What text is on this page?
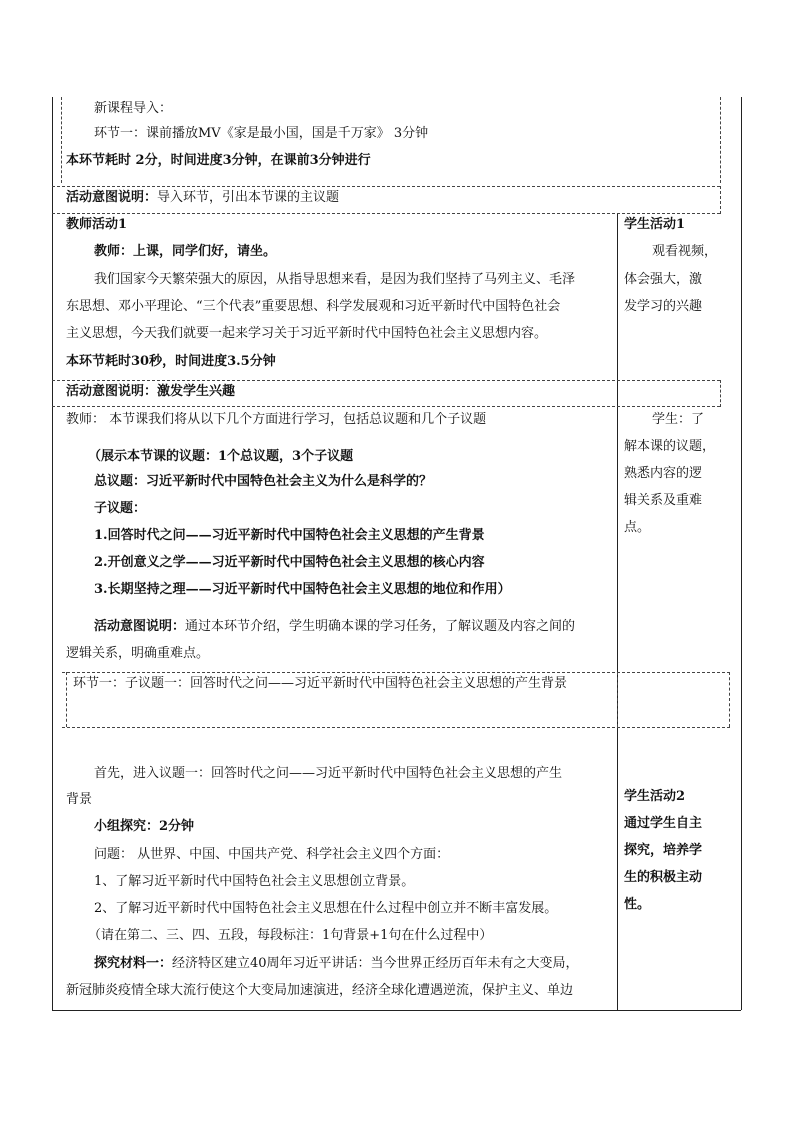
新课程导入：
环节一：课前播放MV《家是最小国，国是千万家》 3分钟
本环节耗时 2分，时间进度3分钟，在课前3分钟进行
活动意图说明：导入环节，引出本节课的主议题
教师活动1
教师：上课，同学们好，请坐。
我们国家今天繁荣强大的原因，从指导思想来看，是因为我们坚持了马列主义、毛泽
东思想、邓小平理论、“三个代表”重要思想、科学发展观和习近平新时代中国特色社会
主义思想，今天我们就要一起来学习关于习近平新时代中国特色社会主义思想内容。
本环节耗时30秒，时间进度3.5分钟
学生活动1
观看视频，
体会强大，激
发学习的兴趣
活动意图说明：激发学生兴趣
教师： 本节课我们将从以下几个方面进行学习，包括总议题和几个子议题
（展示本节课的议题：1个总议题，3个子议题
总议题：习近平新时代中国特色社会主义为什么是科学的？
子议题：
1.回答时代之问——习近平新时代中国特色社会主义思想的产生背景
2.开创意义之学——习近平新时代中国特色社会主义思想的核心内容
3.长期坚持之理——习近平新时代中国特色社会主义思想的地位和作用）
活动意图说明：通过本环节介绍，学生明确本课的学习任务，了解议题及内容之间的
逻辑关系，明确重难点。
学生：了
解本课的议题，
熟悉内容的逻
辑关系及重难
点。
环节一：子议题一：回答时代之问——习近平新时代中国特色社会主义思想的产生背景
首先，进入议题一：回答时代之问——习近平新时代中国特色社会主义思想的产生
背景
小组探究：2分钟
问题： 从世界、中国、中国共产党、科学社会主义四个方面：
1、了解习近平新时代中国特色社会主义思想创立背景。
2、了解习近平新时代中国特色社会主义思想在什么过程中创立并不断丰富发展。
（请在第二、三、四、五段，每段标注：1句背景+1句在什么过程中）
探究材料一：经济特区建立40周年习近平讲话：当今世界正经历百年未有之大变局，
新冠肺炎疫情全球大流行使这个大变局加速演进，经济全球化遭遇逆流，保护主义、单边
学生活动2
通过学生自主
探究，培养学
生的积极主动
性。
